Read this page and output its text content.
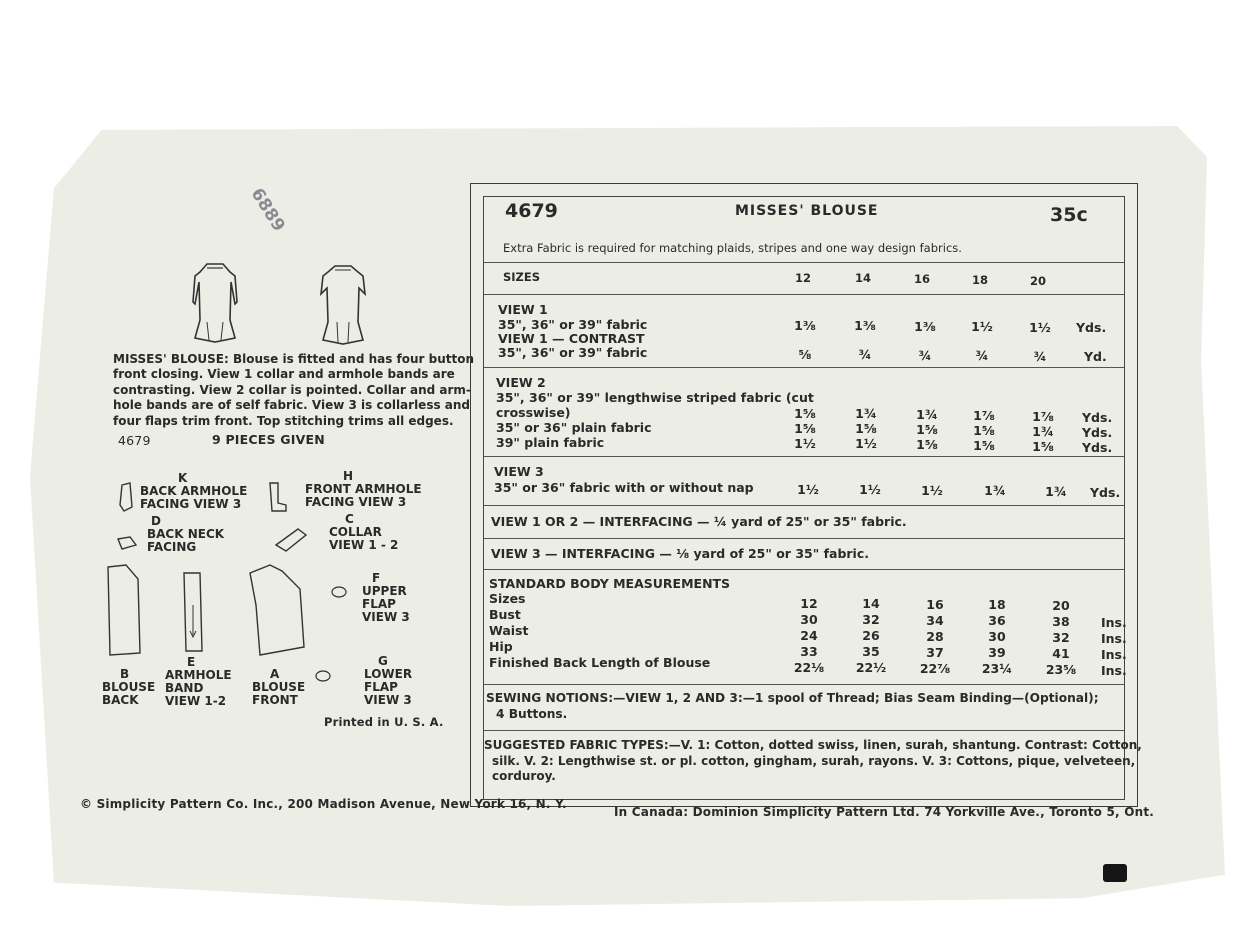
6889
MISSES' BLOUSE: Blouse is fitted and has four button
front closing. View 1 collar and armhole bands are
contrasting. View 2 collar is pointed. Collar and arm-
hole bands are of self fabric. View 3 is collarless and
four flaps trim front. Top stitching trims all edges.
4679	9 PIECES GIVEN
K
BACK ARMHOLE
FACING VIEW 3
H
FRONT ARMHOLE
FACING VIEW 3
D
BACK NECK
FACING
C
COLLAR
VIEW 1 - 2
F
UPPER
FLAP
VIEW 3
B
BLOUSE
BACK
E
ARMHOLE
BAND
VIEW 1-2
A
BLOUSE
FRONT
G
LOWER
FLAP
VIEW 3
Printed in U. S. A.
4679	MISSES' BLOUSE	35c
Extra Fabric is required for matching plaids, stripes and one way design fabrics.
SIZES	12	14	16	18	20
VIEW 1
35", 36" or 39" fabric	1⅜	1⅜	1⅜	1½	1½	Yds.
VIEW 1 — CONTRAST
35", 36" or 39" fabric	⅝	¾	¾	¾	¾	Yd.
VIEW 2
35", 36" or 39" lengthwise striped fabric (cut
crosswise)	1⅝	1¾	1¾	1⅞	1⅞	Yds.
35" or 36" plain fabric	1⅝	1⅝	1⅝	1⅝	1¾	Yds.
39" plain fabric	1½	1½	1⅝	1⅝	1⅝	Yds.
VIEW 3
35" or 36" fabric with or without nap	1½	1½	1½	1¾	1¾	Yds.
VIEW 1 OR 2 — INTERFACING — ¼ yard of 25" or 35" fabric.
VIEW 3 — INTERFACING — ⅛ yard of 25" or 35" fabric.
STANDARD BODY MEASUREMENTS
Sizes	12	14	16	18	20
Bust	30	32	34	36	38	Ins.
Waist	24	26	28	30	32	Ins.
Hip	33	35	37	39	41	Ins.
Finished Back Length of Blouse	22⅛	22½	22⅞	23¼	23⅝	Ins.
SEWING NOTIONS:—VIEW 1, 2 AND 3:—1 spool of Thread; Bias Seam Binding—(Optional);
4 Buttons.
SUGGESTED FABRIC TYPES:—V. 1: Cotton, dotted swiss, linen, surah, shantung. Contrast: Cotton,
silk. V. 2: Lengthwise st. or pl. cotton, gingham, surah, rayons. V. 3: Cottons, pique, velveteen,
corduroy.
© Simplicity Pattern Co. Inc., 200 Madison Avenue, New York 16, N. Y.
In Canada: Dominion Simplicity Pattern Ltd. 74 Yorkville Ave., Toronto 5, Ont.
